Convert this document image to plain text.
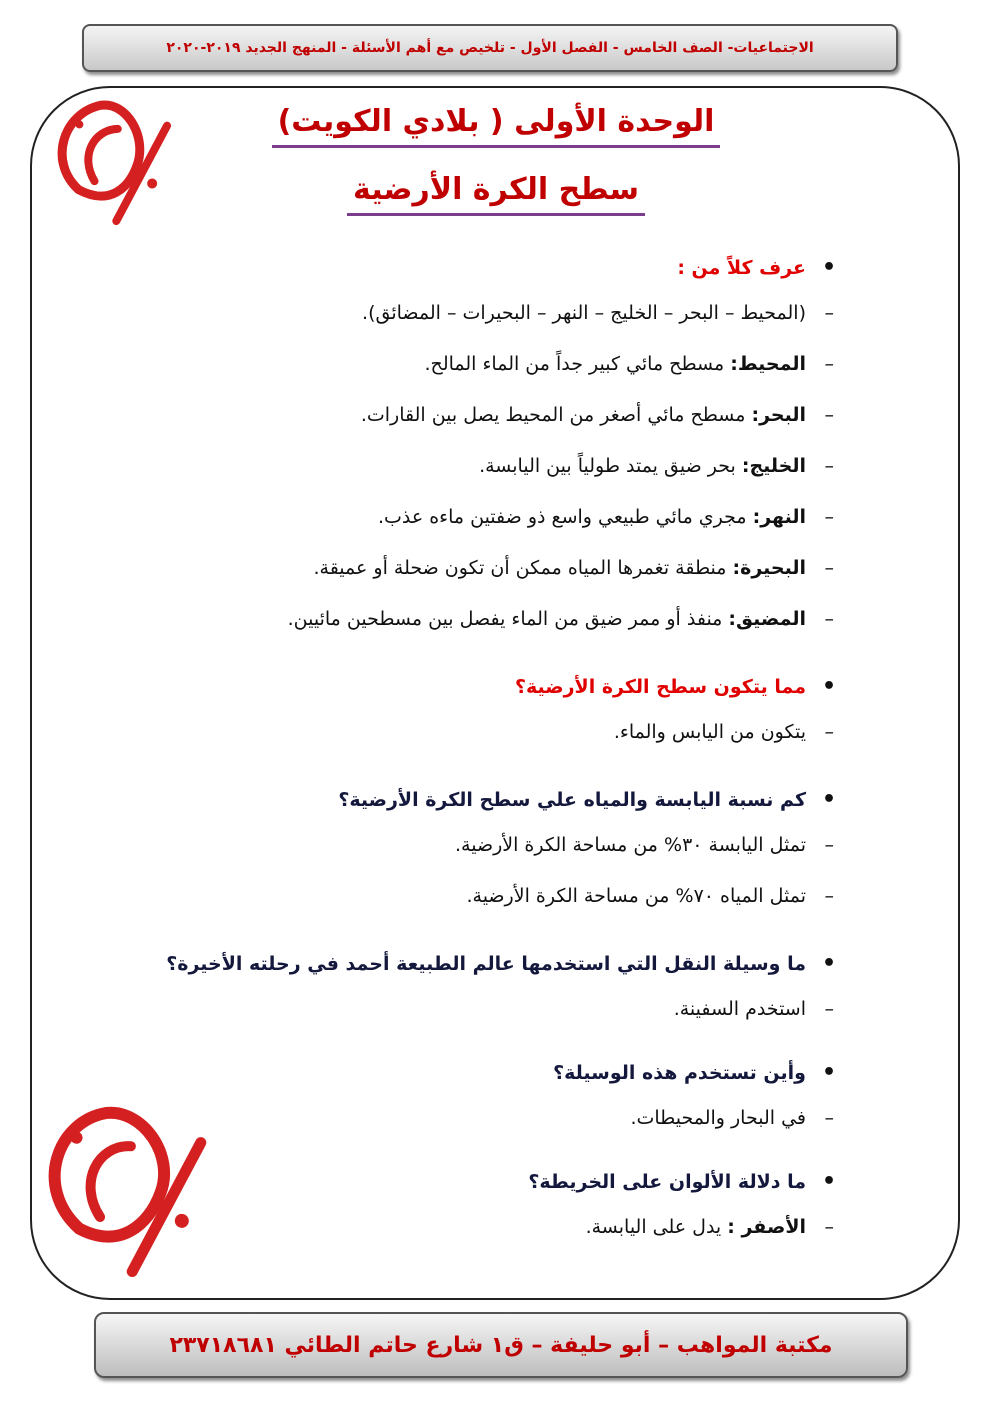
الاجتماعيات- الصف الخامس - الفصل الأول - تلخيص مع أهم الأسئلة - المنهج الجديد ٢٠١٩-٢٠٢٠
الوحدة الأولى ( بلادي الكويت)
سطح الكرة الأرضية
•
عرف كلاً من :
–
(المحيط – البحر – الخليج – النهر – البحيرات – المضائق).
–
المحيط: مسطح مائي كبير جداً من الماء المالح.
–
البحر: مسطح مائي أصغر من المحيط يصل بين القارات.
–
الخليج: بحر ضيق يمتد طولياً بين اليابسة.
–
النهر: مجري مائي طبيعي واسع ذو ضفتين ماءه عذب.
–
البحيرة: منطقة تغمرها المياه ممكن أن تكون ضحلة أو عميقة.
–
المضيق: منفذ أو ممر ضيق من الماء يفصل بين مسطحين مائيين.
•
مما يتكون سطح الكرة الأرضية؟
–
يتكون من اليابس والماء.
•
كم نسبة اليابسة والمياه علي سطح الكرة الأرضية؟
–
تمثل اليابسة ٣٠% من مساحة الكرة الأرضية.
–
تمثل المياه ٧٠% من مساحة الكرة الأرضية.
•
ما وسيلة النقل التي استخدمها عالم الطبيعة أحمد في رحلته الأخيرة؟
–
استخدم السفينة.
•
وأين تستخدم هذه الوسيلة؟
–
في البحار والمحيطات.
•
ما دلالة الألوان على الخريطة؟
–
الأصفر : يدل على اليابسة.
مكتبة المواهب – أبو حليفة – ق١ شارع حاتم الطائي ٢٣٧١٨٦٨١
